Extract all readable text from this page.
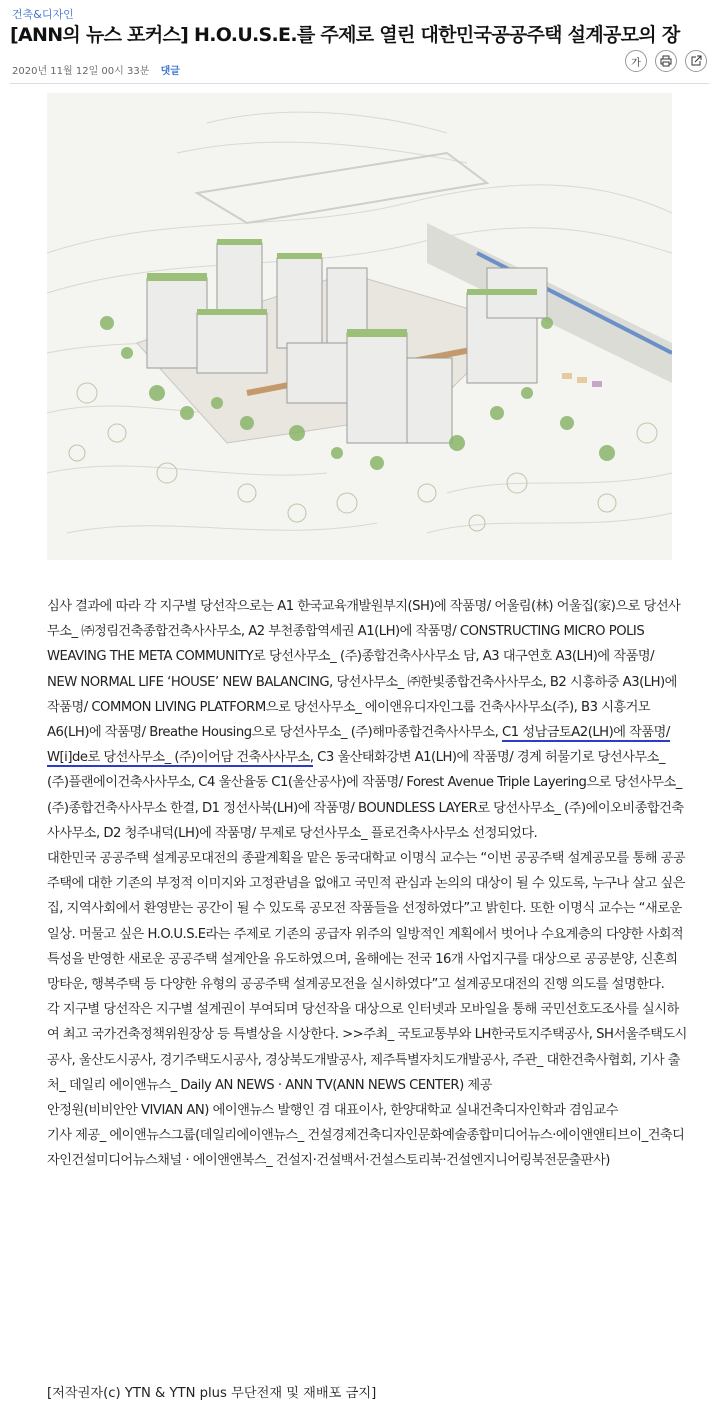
건축&디자인
[ANN의 뉴스 포커스] H.O.U.S.E.를 주제로 열린 대한민국공공주택 설계공모의 장
2020년 11월 12일 00시 33분 댓글
가

심사 결과에 따라 각 지구별 당선작으로는 A1 한국교육개발원부지(SH)에 작품명/ 어울림(林) 어울집(家)으로 당선사무소_ ㈜정림건축종합건축사사무소, A2 부천종합역세권 A1(LH)에 작품명/ CONSTRUCTING MICRO POLIS WEAVING THE META COMMUNITY로 당선사무소_ (주)종합건축사사무소 담, A3 대구연호 A3(LH)에 작품명/ NEW NORMAL LIFE ‘HOUSE’ NEW BALANCING, 당선사무소_ ㈜한빛종합건축사사무소, B2 시흥하중 A3(LH)에 작품명/ COMMON LIVING PLATFORM으로 당선사무소_ 에이앤유디자인그룹 건축사사무소(주), B3 시흥거모 A6(LH)에 작품명/ Breathe Housing으로 당선사무소_ (주)해마종합건축사사무소, C1 성남금토A2(LH)에 작품명/ W[i]de로 당선사무소_ (주)이어담 건축사사무소, C3 울산태화강변 A1(LH)에 작품명/ 경계 허물기로 당선사무소_ (주)플랜에이건축사사무소, C4 울산율동 C1(울산공사)에 작품명/ Forest Avenue Triple Layering으로 당선사무소_ (주)종합건축사사무소 한결, D1 정선사북(LH)에 작품명/ BOUNDLESS LAYER로 당선사무소_ (주)에이오비종합건축사사무소, D2 청주내덕(LH)에 작품명/ 무제로 당선사무소_ 플로건축사사무소 선정되었다.

대한민국 공공주택 설계공모대전의 종괄계획을 맡은 동국대학교 이명식 교수는 “이번 공공주택 설계공모를 통해 공공주택에 대한 기존의 부정적 이미지와 고정관념을 없애고 국민적 관심과 논의의 대상이 될 수 있도록, 누구나 살고 싶은 집, 지역사회에서 환영받는 공간이 될 수 있도록 공모전 작품들을 선정하였다”고 밝힌다. 또한 이명식 교수는 “새로운 일상. 머물고 싶은 H.O.U.S.E라는 주제로 기존의 공급자 위주의 일방적인 계획에서 벗어나 수요계층의 다양한 사회적 특성을 반영한 새로운 공공주택 설계안을 유도하였으며, 올해에는 전국 16개 사업지구를 대상으로 공공분양, 신혼희망타운, 행복주택 등 다양한 유형의 공공주택 설계공모전을 실시하였다”고 설계공모대전의 진행 의도를 설명한다.

각 지구별 당선작은 지구별 설계권이 부여되며 당선작을 대상으로 인터넷과 모바일을 통해 국민선호도조사를 실시하여 최고 국가건축정책위원장상 등 특별상을 시상한다. >>주최_ 국토교통부와 LH한국토지주택공사, SH서울주택도시공사, 울산도시공사, 경기주택도시공사, 경상북도개발공사, 제주특별자치도개발공사, 주관_ 대한건축사협회, 기사 출처_ 데일리 에이앤뉴스_ Daily AN NEWS · ANN TV(ANN NEWS CENTER) 제공

안정원(비비안안 VIVIAN AN) 에이앤뉴스 발행인 겸 대표이사, 한양대학교 실내건축디자인학과 겸임교수

기사 제공_ 에이앤뉴스그룹(데일리에이앤뉴스_ 건설경제건축디자인문화예술종합미디어뉴스·에이앤앤티브이_건축디자인건설미디어뉴스채널 · 에이앤앤북스_ 건설지·건설백서·건설스토리북·건설엔지니어링북전문출판사)

[저작권자(c) YTN & YTN plus 무단전재 및 재배포 금지]
